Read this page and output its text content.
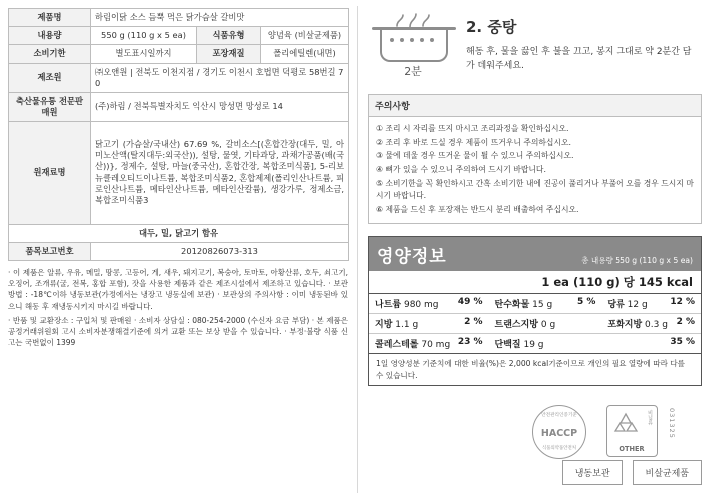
제품명	하림이닭 소스 듬뿍 먹은 닭가슴살 갈비맛		
내용량	550 g (110 g x 5 ea)	식품유형	양념육 (비살균제품)
소비기한	별도표시일까지	포장재질	폴리에틸렌(내면)
제조원	㈜오앤원 | 전북도 이천지점 / 경기도 이천시 호법면 덕평로 58번길 70		
축산물유통 전문판매원	(주)하림 / 전북특별자치도 익산시 망성면 망성로 14		
원재료명	닭고기 (가슴살/국내산) 67.69 %, 갈비소스[(혼합간장(대두, 밀, 아미노산액(탈지대두:외국산)), 설탕, 물엿, 기타과당, 과채가공품(배(국산))}, 정제수, 설탕, 마늘(중국산), 혼합간장, 복합조미식품], 5-리보뉴클레오티드이나트륨, 복합조미식품2, 혼합제제(폴리인산나트륨, 피로인산나트륨, 메타인산나트륨, 메타인산칼륨), 생강가루, 정제소금, 복합조미식품3		
대두, 밀, 닭고기 함유			
품목보고번호	20120826073-313		

· 이 제품은 알류, 우유, 메밀, 땅콩, 고등어, 게, 새우, 돼지고기, 복숭아, 토마토, 아황산류, 호두, 쇠고기, 오징어, 조개류(굴, 전복, 홍합 포함), 잣을 사용한 제품과 같은 제조시설에서 제조하고 있습니다. · 보관방법 : -18℃이하 냉동보관(가정에서는 냉장고 냉동실에 보관) · 보관상의 주의사항 : 이미 냉동된바 있으니 해동 후 재냉동시키지 마시길 바랍니다.

· 반품 및 교환장소 : 구입처 및 판매원 · 소비자 상담실 : 080-254-2000 (수신자 요금 부담) · 본 제품은 공정거래위원회 고시 소비자분쟁해결기준에 의거 교환 또는 보상 받을 수 있습니다. · 부정·불량 식품 신고는 국번없이 1399

2분
2. 중탕
해동 후, 물을 끓인 후 불을 끄고, 봉지 그대로 약 2분간 담가 데워주세요.
주의사항
① 조리 시 자리를 뜨지 마시고 조리과정을 확인하십시오.
② 조리 후 바로 드실 경우 제품이 뜨거우니 주의하십시오.
③ 물에 데울 경우 뜨거운 물이 튈 수 있으니 주의하십시오.
④ 뼈가 있을 수 있으니 주의하여 드시기 바랍니다.
⑤ 소비기한을 꼭 확인하시고 간혹 소비기한 내에 진공이 풀리거나 부풀어 오를 경우 드시지 마시기 바랍니다.
⑥ 제품을 드신 후 포장재는 반드시 분리 배출하여 주십시오.
영양정보	총 내용량 550 g (110 g x 5 ea)
1 ea (110 g) 당 145 kcal
나트륨 980 mg 49 %	탄수화물 15 g 5 %	당류 12 g 12 %

지방 1.1 g 2 %	트랜스지방 0 g	포화지방 0.3 g 2 %

콜레스테롤 70 mg 23 %	단백질 19 g 35 %	
1일 영양성분 기준치에 대한 비율(%)은 2,000 kcal기준이므로 개인의 필요 열량에 따라 다를 수 있습니다.
안전관리인증기준
HACCP
식품의약품안전처
비닐류
OTHER
031325
냉동보관	비살균제품
